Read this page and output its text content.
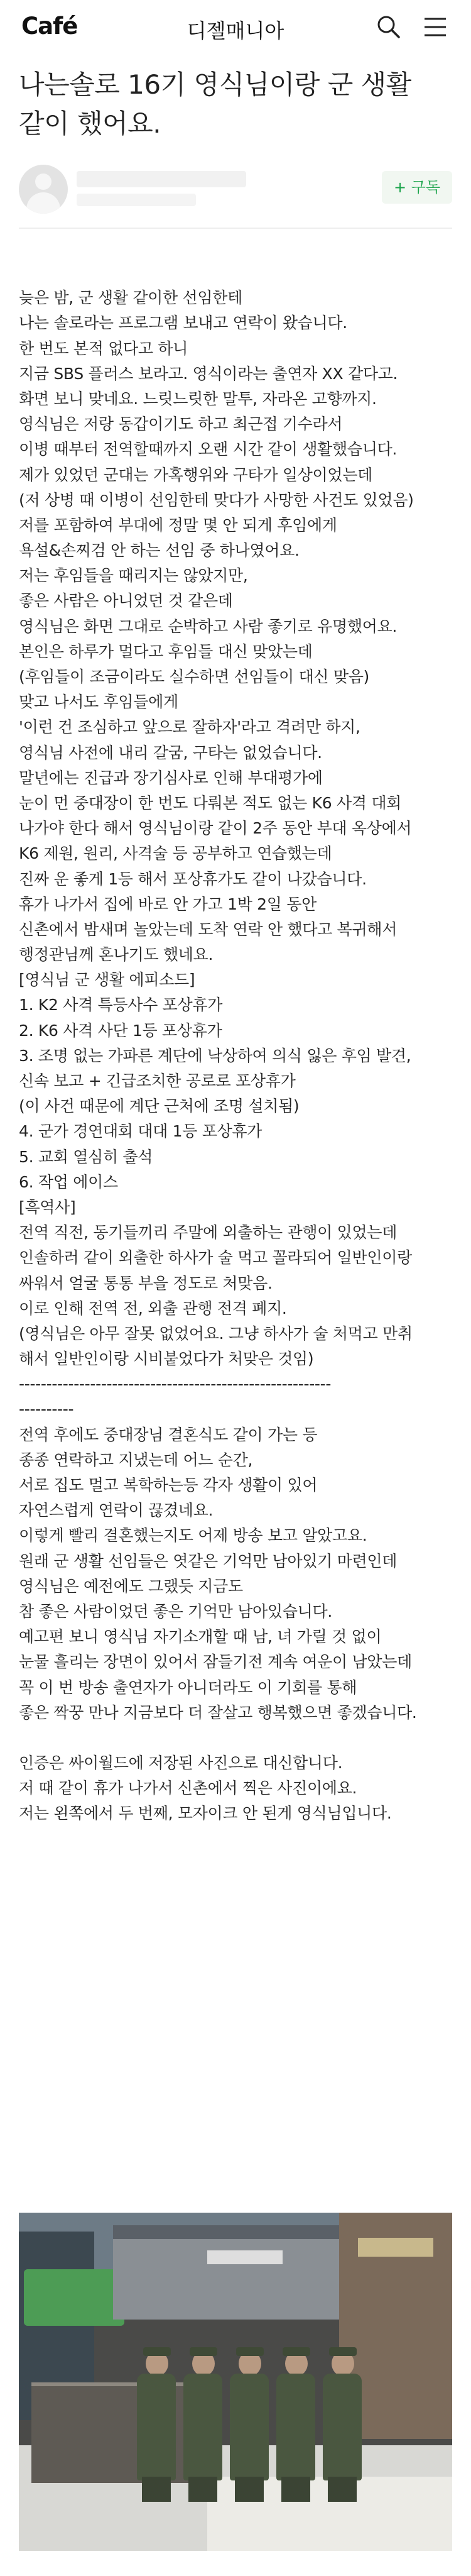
Café	디젤매니아
나는솔로 16기 영식님이랑 군 생활
같이 했어요.
+ 구독
늦은 밤, 군 생활 같이한 선임한테
나는 솔로라는 프로그램 보내고 연락이 왔습니다.
한 번도 본적 없다고 하니
지금 SBS 플러스 보라고. 영식이라는 출연자 XX 같다고.
화면 보니 맞네요. 느릿느릿한 말투, 자라온 고향까지.
영식님은 저랑 동갑이기도 하고 최근접 기수라서
이병 때부터 전역할때까지 오랜 시간 같이 생활했습니다.
제가 있었던 군대는 가혹행위와 구타가 일상이었는데
(저 상병 때 이병이 선임한테 맞다가 사망한 사건도 있었음)
저를 포함하여 부대에 정말 몇 안 되게 후임에게
욕설&손찌검 안 하는 선임 중 하나였어요.
저는 후임들을 때리지는 않았지만,
좋은 사람은 아니었던 것 같은데
영식님은 화면 그대로 순박하고 사람 좋기로 유명했어요.
본인은 하루가 멀다고 후임들 대신 맞았는데
(후임들이 조금이라도 실수하면 선임들이 대신 맞음)
맞고 나서도 후임들에게
'이런 건 조심하고 앞으로 잘하자'라고 격려만 하지,
영식님 사전에 내리 갈굼, 구타는 없었습니다.
말년에는 진급과 장기심사로 인해 부대평가에
눈이 먼 중대장이 한 번도 다뤄본 적도 없는 K6 사격 대회
나가야 한다 해서 영식님이랑 같이 2주 동안 부대 옥상에서
K6 제원, 원리, 사격술 등 공부하고 연습했는데
진짜 운 좋게 1등 해서 포상휴가도 같이 나갔습니다.
휴가 나가서 집에 바로 안 가고 1박 2일 동안
신촌에서 밤새며 놀았는데 도착 연락 안 했다고 복귀해서
행정관님께 혼나기도 했네요.
[영식님 군 생활 에피소드]
1. K2 사격 특등사수 포상휴가
2. K6 사격 사단 1등 포상휴가
3. 조명 없는 가파른 계단에 낙상하여 의식 잃은 후임 발견,
신속 보고 + 긴급조치한 공로로 포상휴가
(이 사건 때문에 계단 근처에 조명 설치됨)
4. 군가 경연대회 대대 1등 포상휴가
5. 교회 열심히 출석
6. 작업 에이스
[흑역사]
전역 직전, 동기들끼리 주말에 외출하는 관행이 있었는데
인솔하러 같이 외출한 하사가 술 먹고 꼴라되어 일반인이랑
싸워서 얼굴 통통 부을 정도로 처맞음.
이로 인해 전역 전, 외출 관행 전격 폐지.
(영식님은 아무 잘못 없었어요. 그냥 하사가 술 처먹고 만취
해서 일반인이랑 시비붙었다가 처맞은 것임)
---------------------------------------------------------
----------
전역 후에도 중대장님 결혼식도 같이 가는 등
종종 연락하고 지냈는데 어느 순간,
서로 집도 멀고 복학하는등 각자 생활이 있어
자연스럽게 연락이 끊겼네요.
이렇게 빨리 결혼했는지도 어제 방송 보고 알았고요.
원래 군 생활 선임들은 엿같은 기억만 남아있기 마련인데
영식님은 예전에도 그랬듯 지금도
참 좋은 사람이었던 좋은 기억만 남아있습니다.
예고편 보니 영식님 자기소개할 때 남, 녀 가릴 것 없이
눈물 흘리는 장면이 있어서 잠들기전 계속 여운이 남았는데
꼭 이 번 방송 출연자가 아니더라도 이 기회를 통해
좋은 짝꿍 만나 지금보다 더 잘살고 행복했으면 좋겠습니다.
인증은 싸이월드에 저장된 사진으로 대신합니다.
저 때 같이 휴가 나가서 신촌에서 찍은 사진이에요.
저는 왼쪽에서 두 번째, 모자이크 안 된게 영식님입니다.
